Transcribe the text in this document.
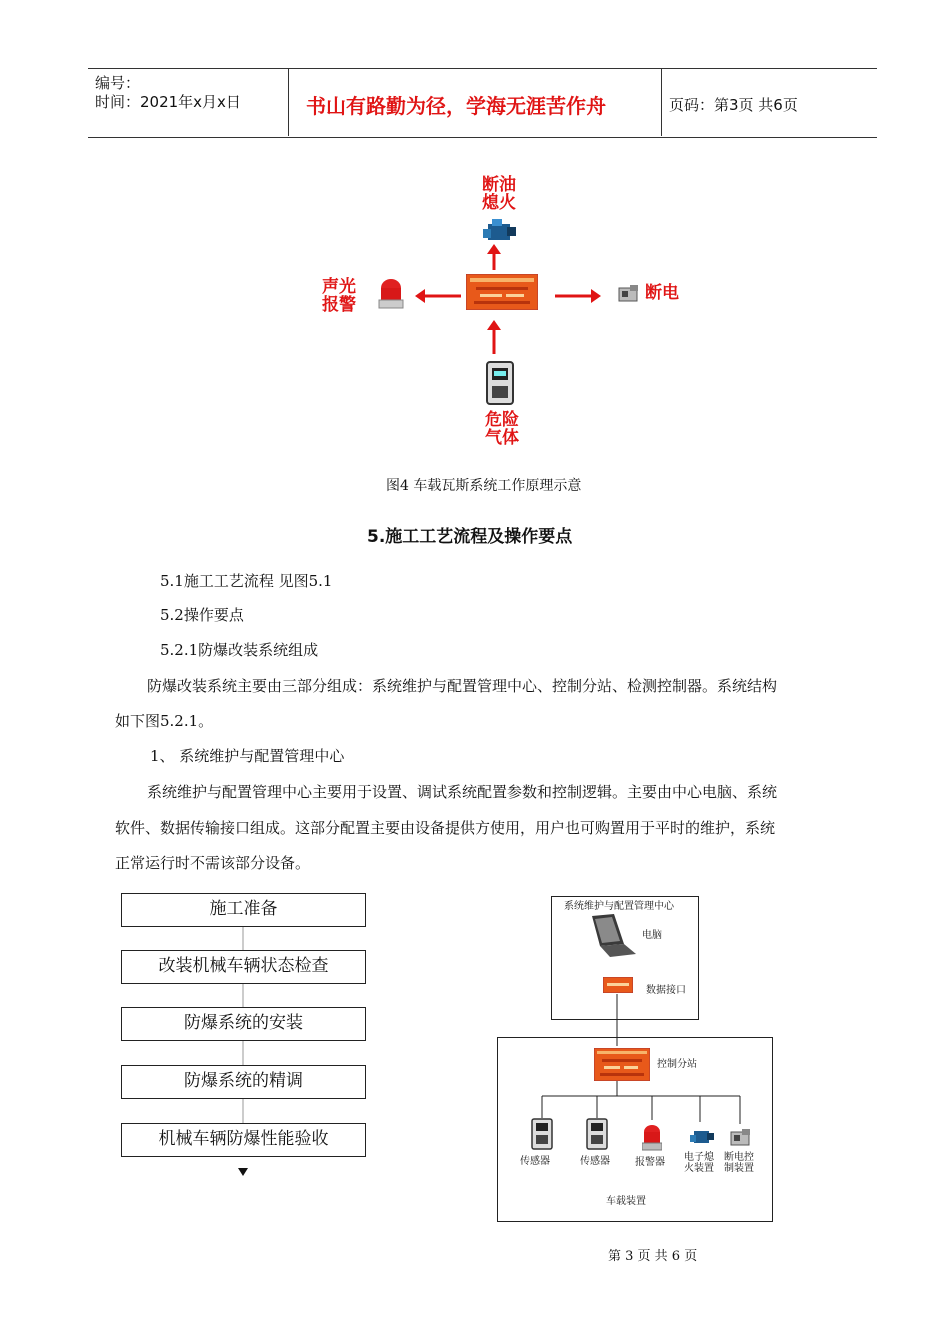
编号：
时间：2021年x月x日	书山有路勤为径，学海无涯苦作舟	页码：第3页 共6页
断油
熄火
声光
报警
断电
危险
气体
图4 车载瓦斯系统工作原理示意
5.施工工艺流程及操作要点
5.1施工工艺流程 见图5.1
5.2操作要点
5.2.1防爆改装系统组成
防爆改装系统主要由三部分组成：系统维护与配置管理中心、控制分站、检测控制器。系统结构
如下图5.2.1。
1、 系统维护与配置管理中心
系统维护与配置管理中心主要用于设置、调试系统配置参数和控制逻辑。主要由中心电脑、系统
软件、数据传输接口组成。这部分配置主要由设备提供方使用，用户也可购置用于平时的维护，系统
正常运行时不需该部分设备。
施工准备
改装机械车辆状态检查
防爆系统的安装
防爆系统的精调
机械车辆防爆性能验收
系统维护与配置管理中心
电脑
数据接口
控制分站
传感器	传感器	报警器 电子熄
火装置
断电控
制装置
车载装置
第 3 页 共 6 页
